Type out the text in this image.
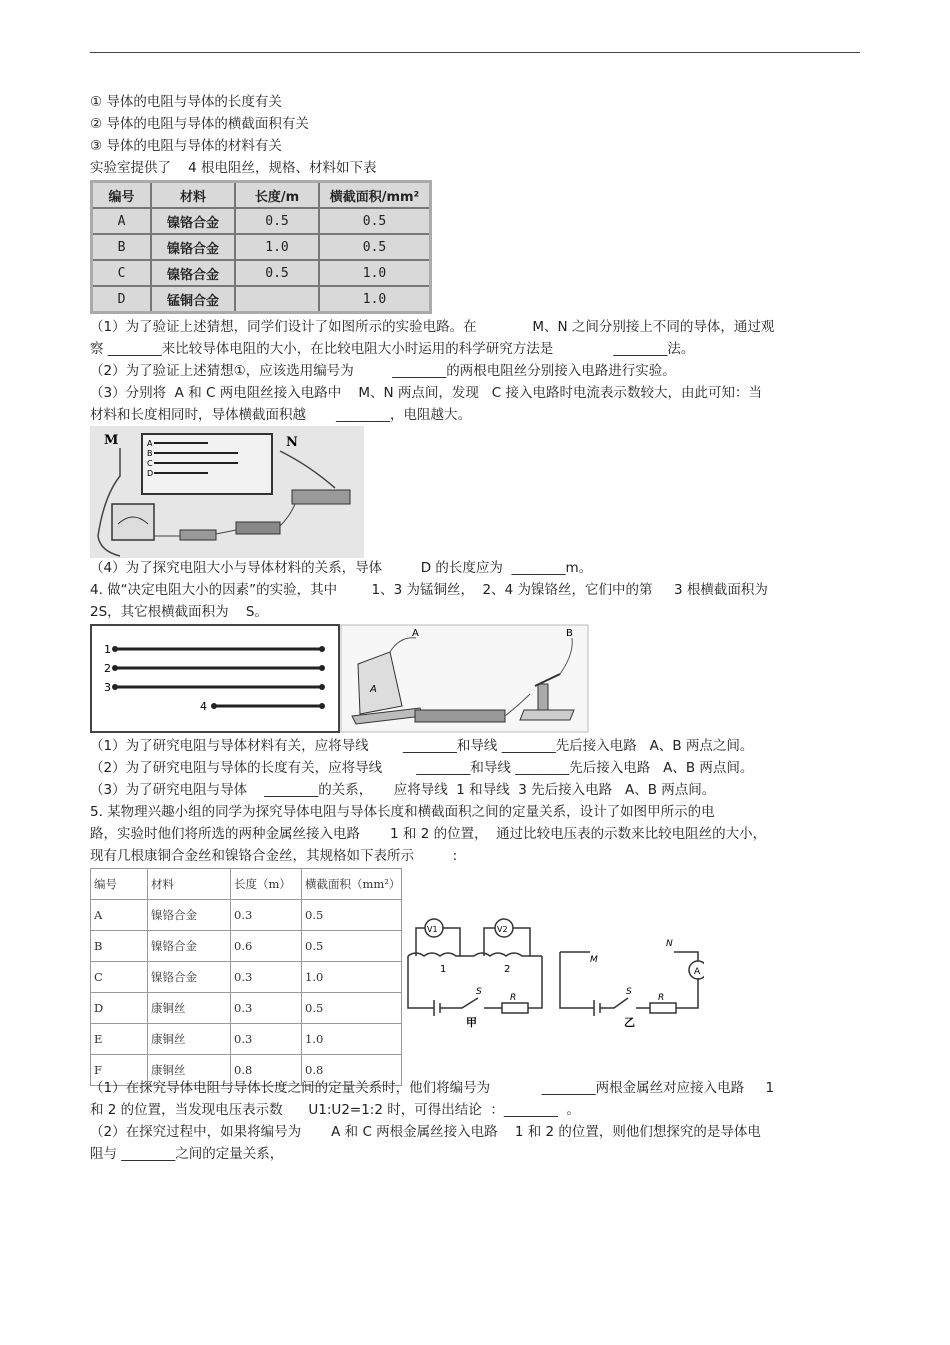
① 导体的电阻与导体的长度有关
② 导体的电阻与导体的横截面积有关
③ 导体的电阻与导体的材料有关
实验室提供了    4 根电阻丝，规格、材料如下表
编号	材料	长度/m	横截面积/mm²
A	镍铬合金	0.5	0.5
B	镍铬合金	1.0	0.5
C	镍铬合金	0.5	1.0
D	锰铜合金		1.0
（1）为了验证上述猜想，同学们设计了如图所示的实验电路。在             M、N 之间分别接上不同的导体，通过观
察 ________来比较导体电阻的大小，在比较电阻大小时运用的科学研究方法是              ________法。
（2）为了验证上述猜想①，应该选用编号为         ________的两根电阻丝分别接入电路进行实验。
（3）分别将  A 和 C 两电阻丝接入电路中    M、N 两点间，发现   C 接入电路时电流表示数较大，由此可知：当
材料和长度相同时，导体横截面积越       ________，电阻越大。
M	N
A
B
C
D
（4）为了探究电阻大小与导体材料的关系，导体         D 的长度应为  ________m。
4. 做“决定电阻大小的因素”的实验，其中        1、3 为锰铜丝，  2、4 为镍铬丝，它们中的第     3 根横截面积为
2S，其它根横截面积为    S。
1
2
3
4
A	B
A
（1）为了研究电阻与导体材料有关，应将导线        ________和导线 ________先后接入电路   A、B 两点之间。
（2）为了研究电阻与导体的长度有关，应将导线        ________和导线 ________先后接入电路   A、B 两点间。
（3）为了研究电阻与导体    ________的关系，     应将导线  1 和导线  3 先后接入电路   A、B 两点间。
5. 某物理兴趣小组的同学为探究导体电阻与导体长度和横截面积之间的定量关系，设计了如图甲所示的电
路，实验时他们将所选的两种金属丝接入电路       1 和 2 的位置，  通过比较电压表的示数来比较电阻丝的大小，
现有几根康铜合金丝和镍铬合金丝，其规格如下表所示         :
编号	材料	长度（m）	横截面积（mm²）
A	镍铬合金	0.3	0.5
B	镍铬合金	0.6	0.5
C	镍铬合金	0.3	1.0
D	康铜丝	0.3	0.5
E	康铜丝	0.3	1.0
F	康铜丝	0.8	0.8
V1	V2
1	2
S
R
甲
M
N
A
S
R
乙
（1）在探究导体电阻与导体长度之间的定量关系时，他们将编号为            ________两根金属丝对应接入电路     1
和 2 的位置，当发现电压表示数      U1:U2=1:2 时，可得出结论  ：________  。
（2）在探究过程中，如果将编号为       A 和 C 两根金属丝接入电路    1 和 2 的位置，则他们想探究的是导体电
阻与 ________之间的定量关系，
